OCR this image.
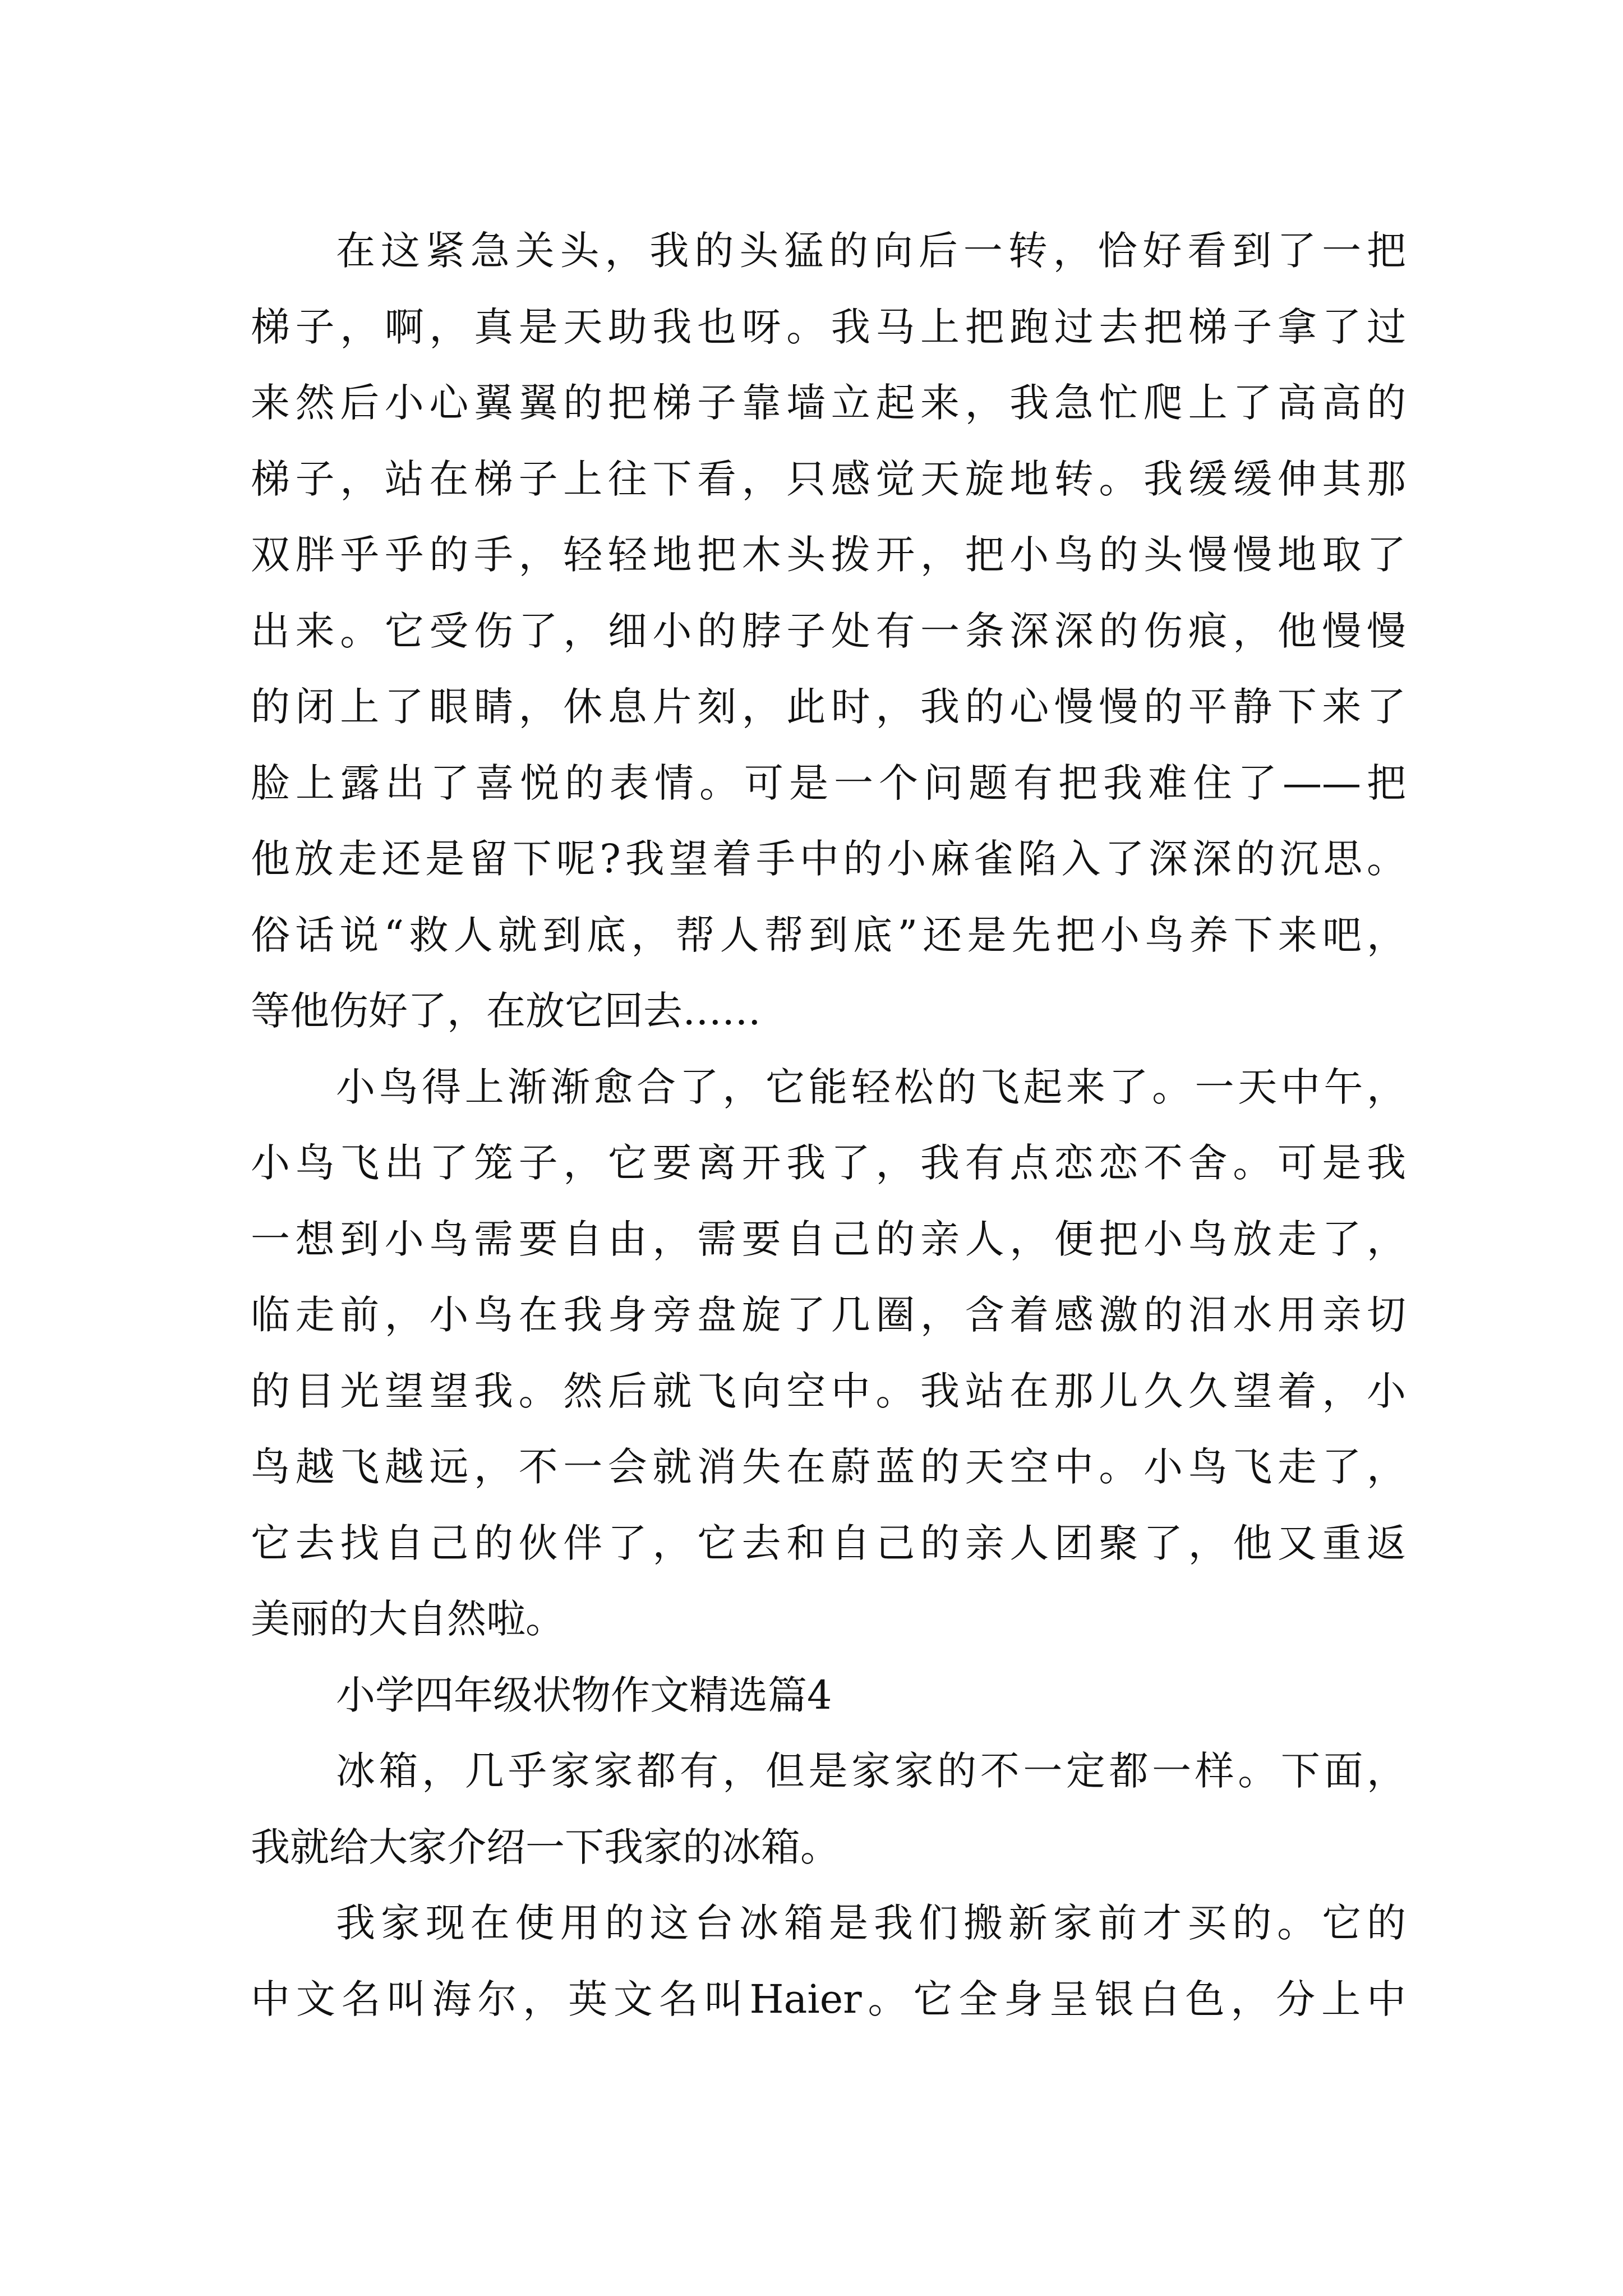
在这紧急关头，我的头猛的向后一转，恰好看到了一把
梯子，啊，真是天助我也呀。我马上把跑过去把梯子拿了过
来然后小心翼翼的把梯子靠墙立起来，我急忙爬上了高高的
梯子，站在梯子上往下看，只感觉天旋地转。我缓缓伸其那
双胖乎乎的手，轻轻地把木头拨开，把小鸟的头慢慢地取了
出来。它受伤了，细小的脖子处有一条深深的伤痕，他慢慢
的闭上了眼睛，休息片刻，此时，我的心慢慢的平静下来了
脸上露出了喜悦的表情。可是一个问题有把我难住了——把
他放走还是留下呢?我望着手中的小麻雀陷入了深深的沉思。
俗话说“救人就到底，帮人帮到底”还是先把小鸟养下来吧，
等他伤好了，在放它回去……
小鸟得上渐渐愈合了，它能轻松的飞起来了。一天中午，
小鸟飞出了笼子，它要离开我了，我有点恋恋不舍。可是我
一想到小鸟需要自由，需要自己的亲人，便把小鸟放走了，
临走前，小鸟在我身旁盘旋了几圈，含着感激的泪水用亲切
的目光望望我。然后就飞向空中。我站在那儿久久望着，小
鸟越飞越远，不一会就消失在蔚蓝的天空中。小鸟飞走了，
它去找自己的伙伴了，它去和自己的亲人团聚了，他又重返
美丽的大自然啦。
小学四年级状物作文精选篇4
冰箱，几乎家家都有，但是家家的不一定都一样。下面，
我就给大家介绍一下我家的冰箱。
我家现在使用的这台冰箱是我们搬新家前才买的。它的
中文名叫海尔，英文名叫Haier。它全身呈银白色，分上中
